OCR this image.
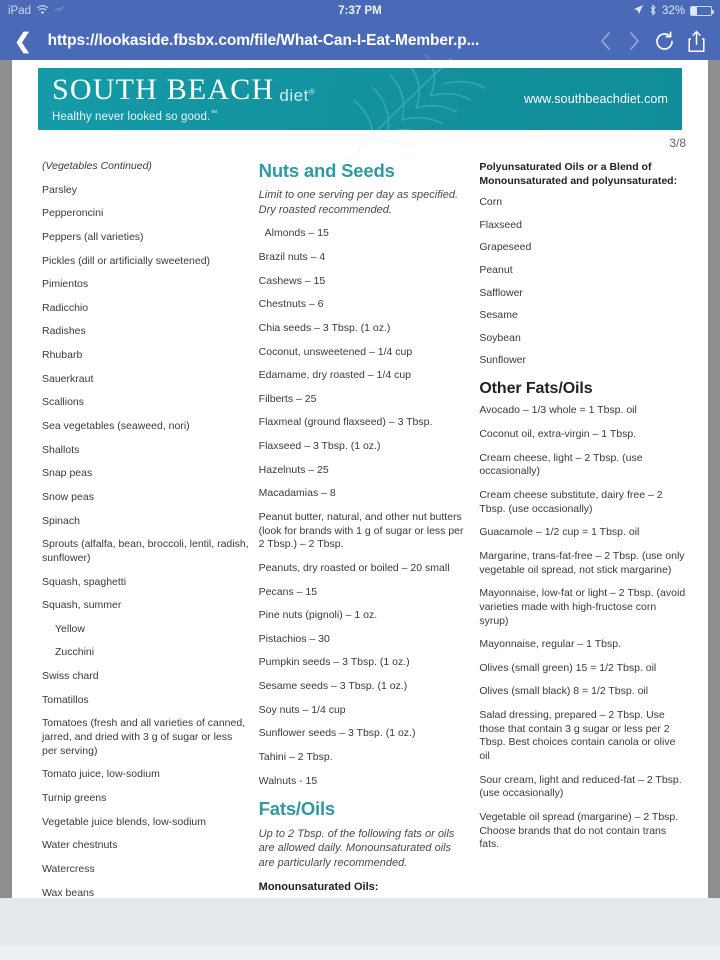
iPad	7:37 PM	32%
❮ https://lookaside.fbsbx.com/file/What-Can-I-Eat-Member.p...
SOUTH BEACH diet®
Healthy never looked so good.™
www.southbeachdiet.com
3/8
(Vegetables Continued)
Parsley
Pepperoncini
Peppers (all varieties)
Pickles (dill or artificially sweetened)
Pimientos
Radicchio
Radishes
Rhubarb
Sauerkraut
Scallions
Sea vegetables (seaweed, nori)
Shallots
Snap peas
Snow peas
Spinach
Sprouts (alfalfa, bean, broccoli, lentil, radish, sunflower)
Squash, spaghetti
Squash, summer
Yellow
Zucchini
Swiss chard
Tomatillos
Tomatoes (fresh and all varieties of canned, jarred, and dried with 3 g of sugar or less per serving)
Tomato juice, low-sodium
Turnip greens
Vegetable juice blends, low-sodium
Water chestnuts
Watercress
Wax beans
Nuts and Seeds
Limit to one serving per day as specified. Dry roasted recommended.
Almonds – 15
Brazil nuts – 4
Cashews – 15
Chestnuts – 6
Chia seeds – 3 Tbsp. (1 oz.)
Coconut, unsweetened – 1/4 cup
Edamame, dry roasted – 1/4 cup
Filberts – 25
Flaxmeal (ground flaxseed) – 3 Tbsp.
Flaxseed – 3 Tbsp. (1 oz.)
Hazelnuts – 25
Macadamias – 8
Peanut butter, natural, and other nut butters (look for brands with 1 g of sugar or less per 2 Tbsp.) – 2 Tbsp.
Peanuts, dry roasted or boiled – 20 small
Pecans – 15
Pine nuts (pignoli) – 1 oz.
Pistachios – 30
Pumpkin seeds – 3 Tbsp. (1 oz.)
Sesame seeds – 3 Tbsp. (1 oz.)
Soy nuts – 1/4 cup
Sunflower seeds – 3 Tbsp. (1 oz.)
Tahini – 2 Tbsp.
Walnuts - 15
Fats/Oils
Up to 2 Tbsp. of the following fats or oils are allowed daily. Monounsaturated oils are particularly recommended.
Monounsaturated Oils:
Polyunsaturated Oils or a Blend of Monounsaturated and polyunsaturated:
Corn
Flaxseed
Grapeseed
Peanut
Safflower
Sesame
Soybean
Sunflower
Other Fats/Oils
Avocado – 1/3 whole = 1 Tbsp. oil
Coconut oil, extra-virgin – 1 Tbsp.
Cream cheese, light – 2 Tbsp. (use occasionally)
Cream cheese substitute, dairy free – 2 Tbsp. (use occasionally)
Guacamole – 1/2 cup = 1 Tbsp. oil
Margarine, trans-fat-free – 2 Tbsp. (use only vegetable oil spread, not stick margarine)
Mayonnaise, low-fat or light – 2 Tbsp. (avoid varieties made with high-fructose corn syrup)
Mayonnaise, regular – 1 Tbsp.
Olives (small green) 15 = 1/2 Tbsp. oil
Olives (small black) 8 = 1/2 Tbsp. oil
Salad dressing, prepared – 2 Tbsp. Use those that contain 3 g sugar or less per 2 Tbsp. Best choices contain canola or olive oil
Sour cream, light and reduced-fat – 2 Tbsp. (use occasionally)
Vegetable oil spread (margarine) – 2 Tbsp. Choose brands that do not contain trans fats.
